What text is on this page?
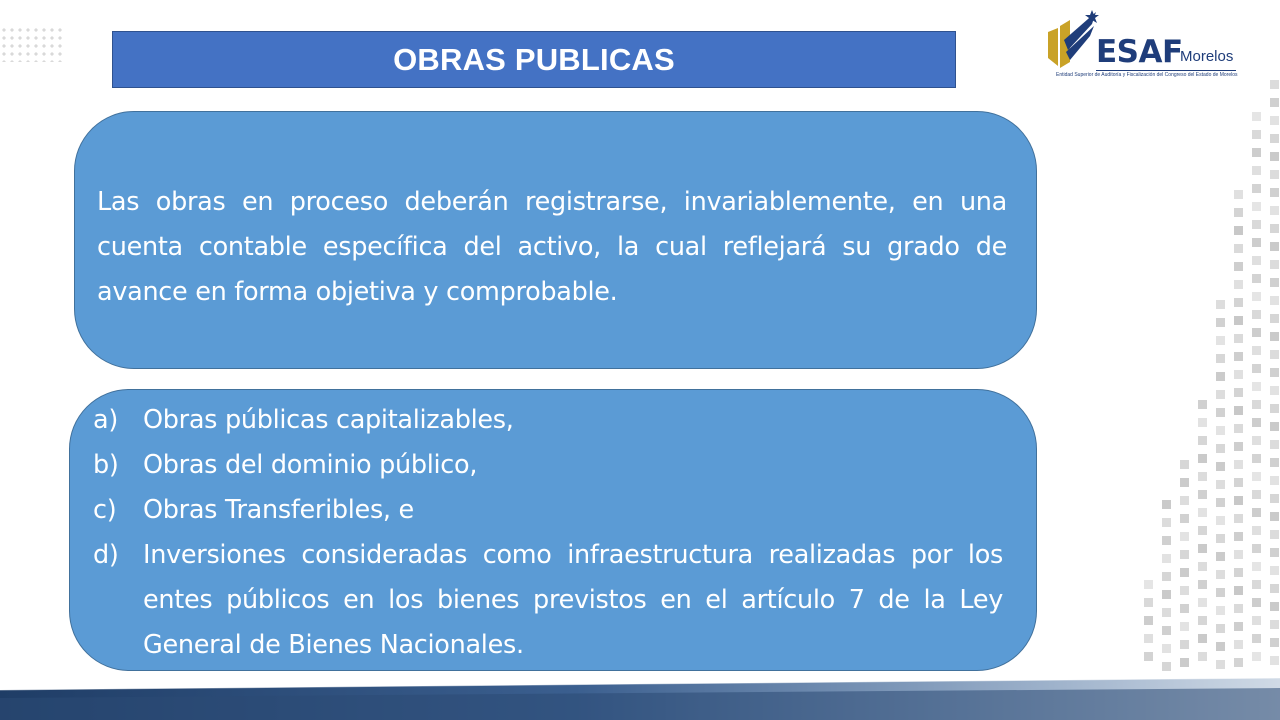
OBRAS PUBLICAS	ESAF
Morelos
Entidad Superior de Auditoría y Fiscalización del Congreso del Estado de Morelos
Las obras en proceso deberán registrarse, invariablemente, en una cuenta contable específica del activo, la cual reflejará su grado de avance en forma objetiva y comprobable.
a) Obras públicas capitalizables,
b) Obras del dominio público,
c) Obras Transferibles, e
d) Inversiones consideradas como infraestructura realizadas por los entes públicos en los bienes previstos en el artículo 7 de la Ley General de Bienes Nacionales.
